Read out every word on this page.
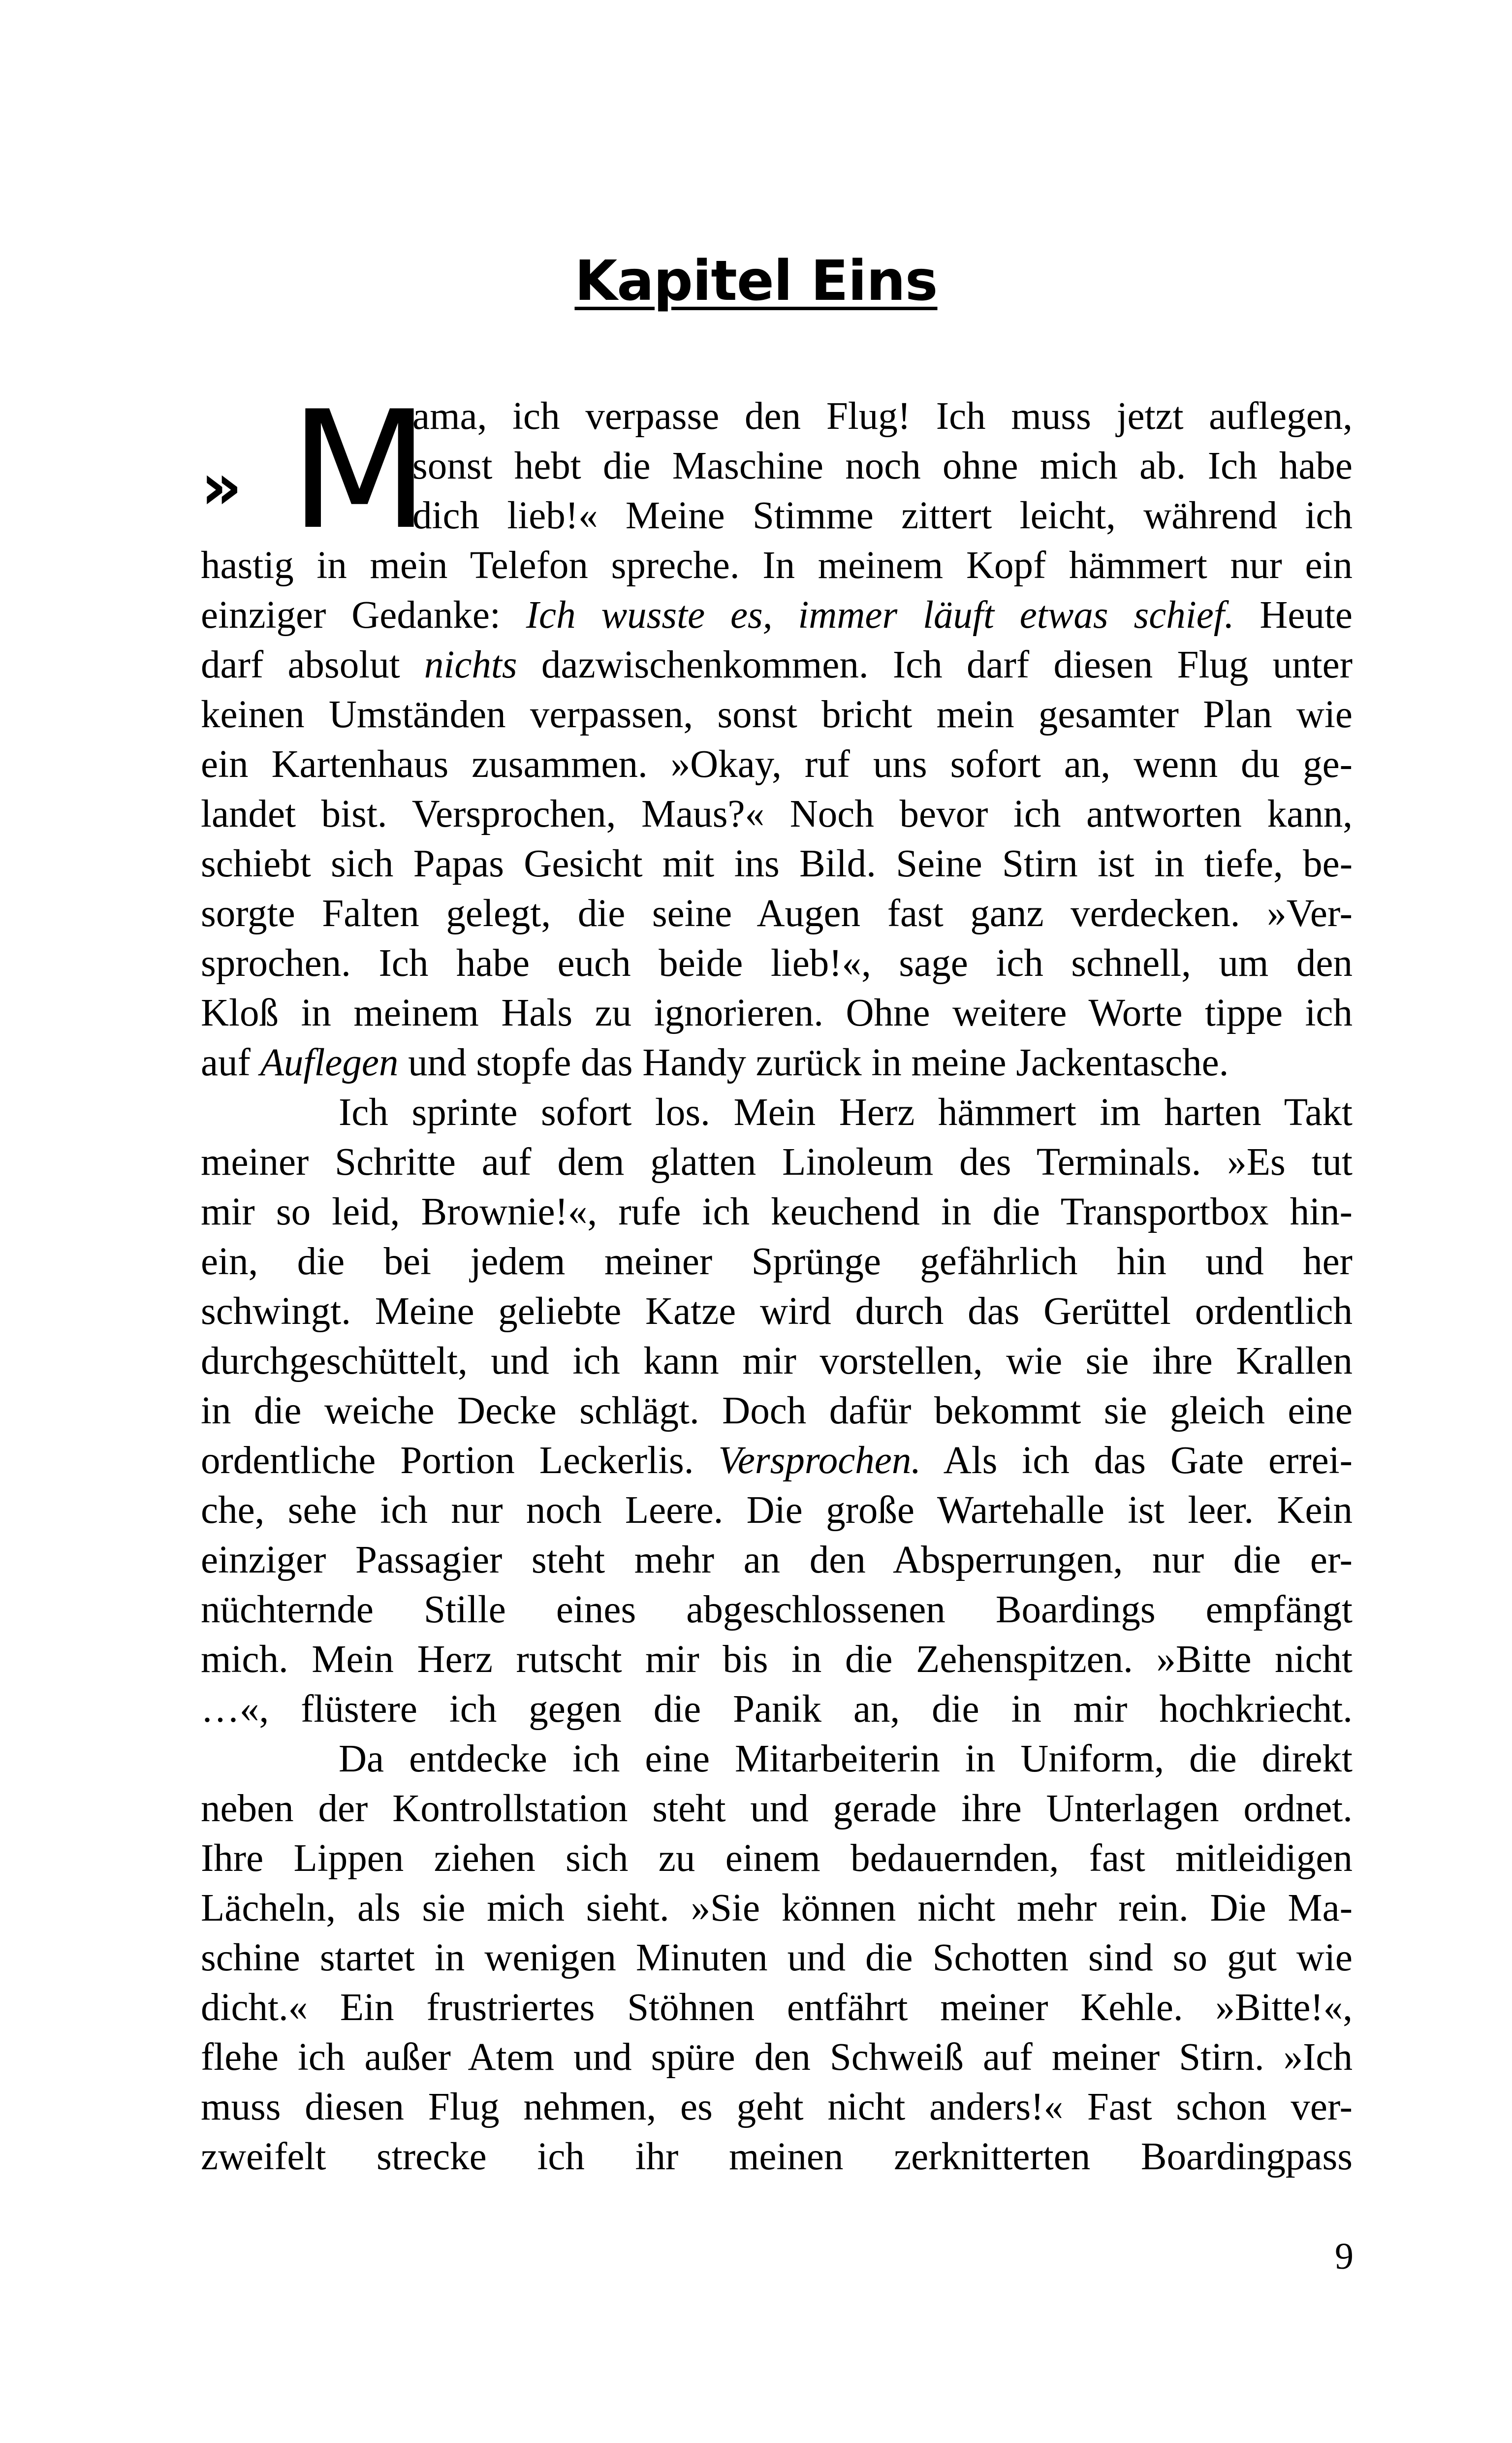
Kapitel Eins
» M
ama, ich verpasse den Flug! Ich muss jetzt auflegen,
sonst hebt die Maschine noch ohne mich ab. Ich habe
dich lieb!« Meine Stimme zittert leicht, während ich
hastig in mein Telefon spreche. In meinem Kopf hämmert nur ein
einziger Gedanke: Ich wusste es, immer läuft etwas schief. Heute
darf absolut nichts dazwischenkommen. Ich darf diesen Flug unter
keinen Umständen verpassen, sonst bricht mein gesamter Plan wie
ein Kartenhaus zusammen. »Okay, ruf uns sofort an, wenn du ge-
landet bist. Versprochen, Maus?« Noch bevor ich antworten kann,
schiebt sich Papas Gesicht mit ins Bild. Seine Stirn ist in tiefe, be-
sorgte Falten gelegt, die seine Augen fast ganz verdecken. »Ver-
sprochen. Ich habe euch beide lieb!«, sage ich schnell, um den
Kloß in meinem Hals zu ignorieren. Ohne weitere Worte tippe ich
auf Auflegen und stopfe das Handy zurück in meine Jackentasche.
Ich sprinte sofort los. Mein Herz hämmert im harten Takt
meiner Schritte auf dem glatten Linoleum des Terminals. »Es tut
mir so leid, Brownie!«, rufe ich keuchend in die Transportbox hin-
ein, die bei jedem meiner Sprünge gefährlich hin und her
schwingt. Meine geliebte Katze wird durch das Gerüttel ordentlich
durchgeschüttelt, und ich kann mir vorstellen, wie sie ihre Krallen
in die weiche Decke schlägt. Doch dafür bekommt sie gleich eine
ordentliche Portion Leckerlis. Versprochen. Als ich das Gate errei-
che, sehe ich nur noch Leere. Die große Wartehalle ist leer. Kein
einziger Passagier steht mehr an den Absperrungen, nur die er-
nüchternde Stille eines abgeschlossenen Boardings empfängt
mich. Mein Herz rutscht mir bis in die Zehenspitzen. »Bitte nicht
…«, flüstere ich gegen die Panik an, die in mir hochkriecht.
Da entdecke ich eine Mitarbeiterin in Uniform, die direkt
neben der Kontrollstation steht und gerade ihre Unterlagen ordnet.
Ihre Lippen ziehen sich zu einem bedauernden, fast mitleidigen
Lächeln, als sie mich sieht. »Sie können nicht mehr rein. Die Ma-
schine startet in wenigen Minuten und die Schotten sind so gut wie
dicht.« Ein frustriertes Stöhnen entfährt meiner Kehle. »Bitte!«,
flehe ich außer Atem und spüre den Schweiß auf meiner Stirn. »Ich
muss diesen Flug nehmen, es geht nicht anders!« Fast schon ver-
zweifelt strecke ich ihr meinen zerknitterten Boardingpass
9
